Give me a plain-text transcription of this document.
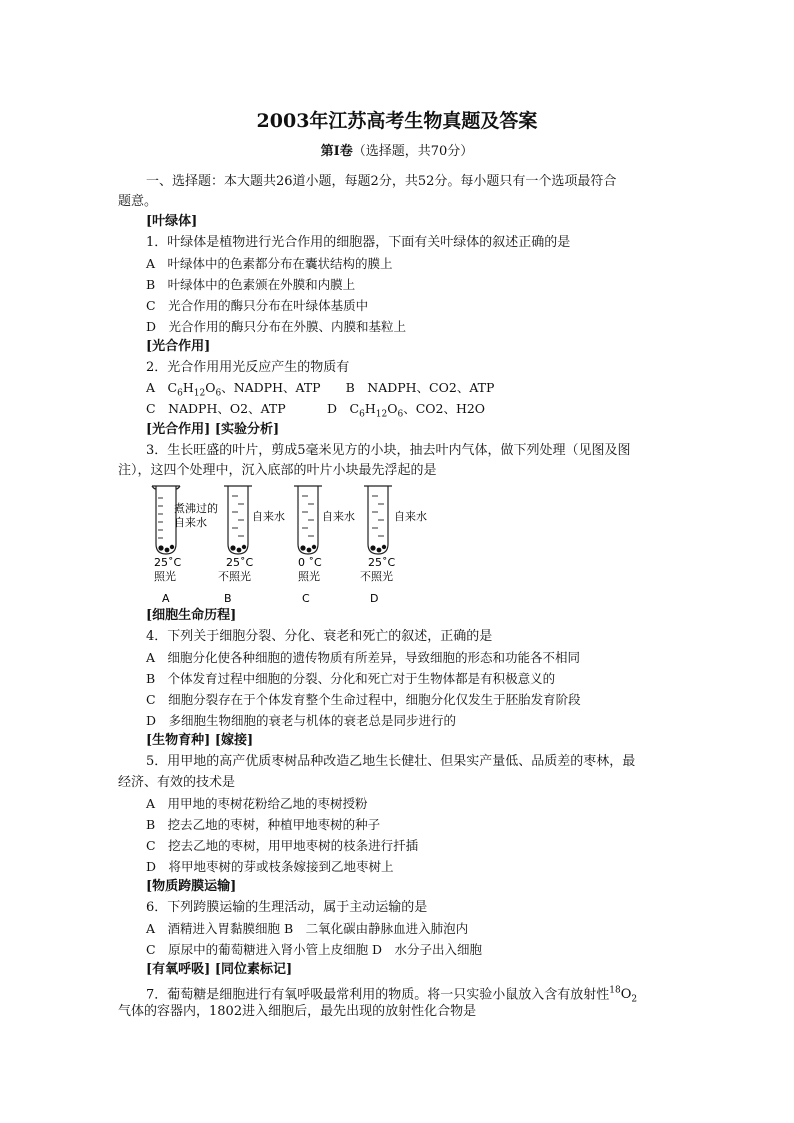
2003年江苏高考生物真题及答案
第Ⅰ卷（选择题，共70分）
一、选择题：本大题共26道小题，每题2分，共52分。每小题只有一个选项最符合
题意。
[叶绿体]
1．叶绿体是植物进行光合作用的细胞器，下面有关叶绿体的叙述正确的是
A　叶绿体中的色素都分布在囊状结构的膜上
B　叶绿体中的色素颁在外膜和内膜上
C　光合作用的酶只分布在叶绿体基质中
D　光合作用的酶只分布在外膜、内膜和基粒上
[光合作用]
2．光合作用用光反应产生的物质有
A　$C_6H_{12}O_6$、NADPH、ATP　　B　NADPH、CO2、ATP
C　NADPH、O2、ATP	D　$C_6H_{12}O_6$、CO2、H2O
[光合作用] [实验分析]
3．生长旺盛的叶片，剪成5毫米见方的小块，抽去叶内气体，做下列处理（见图及图
注），这四个处理中，沉入底部的叶片小块最先浮起的是
煮沸过的
自来水	自来水	自来水	自来水
25˚C
照光
25˚C
不照光
0 ˚C
照光
25˚C
不照光
A	B	C	D
[细胞生命历程]
4．下列关于细胞分裂、分化、衰老和死亡的叙述，正确的是
A　细胞分化使各种细胞的遗传物质有所差异，导致细胞的形态和功能各不相同
B　个体发育过程中细胞的分裂、分化和死亡对于生物体都是有积极意义的
C　细胞分裂存在于个体发育整个生命过程中，细胞分化仅发生于胚胎发育阶段
D　多细胞生物细胞的衰老与机体的衰老总是同步进行的
[生物育种] [嫁接]
5．用甲地的高产优质枣树品种改造乙地生长健壮、但果实产量低、品质差的枣林，最
经济、有效的技术是
A　用甲地的枣树花粉给乙地的枣树授粉
B　挖去乙地的枣树，种植甲地枣树的种子
C　挖去乙地的枣树，用甲地枣树的枝条进行扦插
D　将甲地枣树的芽或枝条嫁接到乙地枣树上
[物质跨膜运输]
6．下列跨膜运输的生理活动，属于主动运输的是
A　酒精进入胃黏膜细胞 B　二氧化碳由静脉血进入肺泡内
C　原尿中的葡萄糖进入肾小管上皮细胞 D　水分子出入细胞
[有氧呼吸] [同位素标记]
7．葡萄糖是细胞进行有氧呼吸最常利用的物质。将一只实验小鼠放入含有放射性$^{18}O_2$
气体的容器内，1802进入细胞后，最先出现的放射性化合物是
